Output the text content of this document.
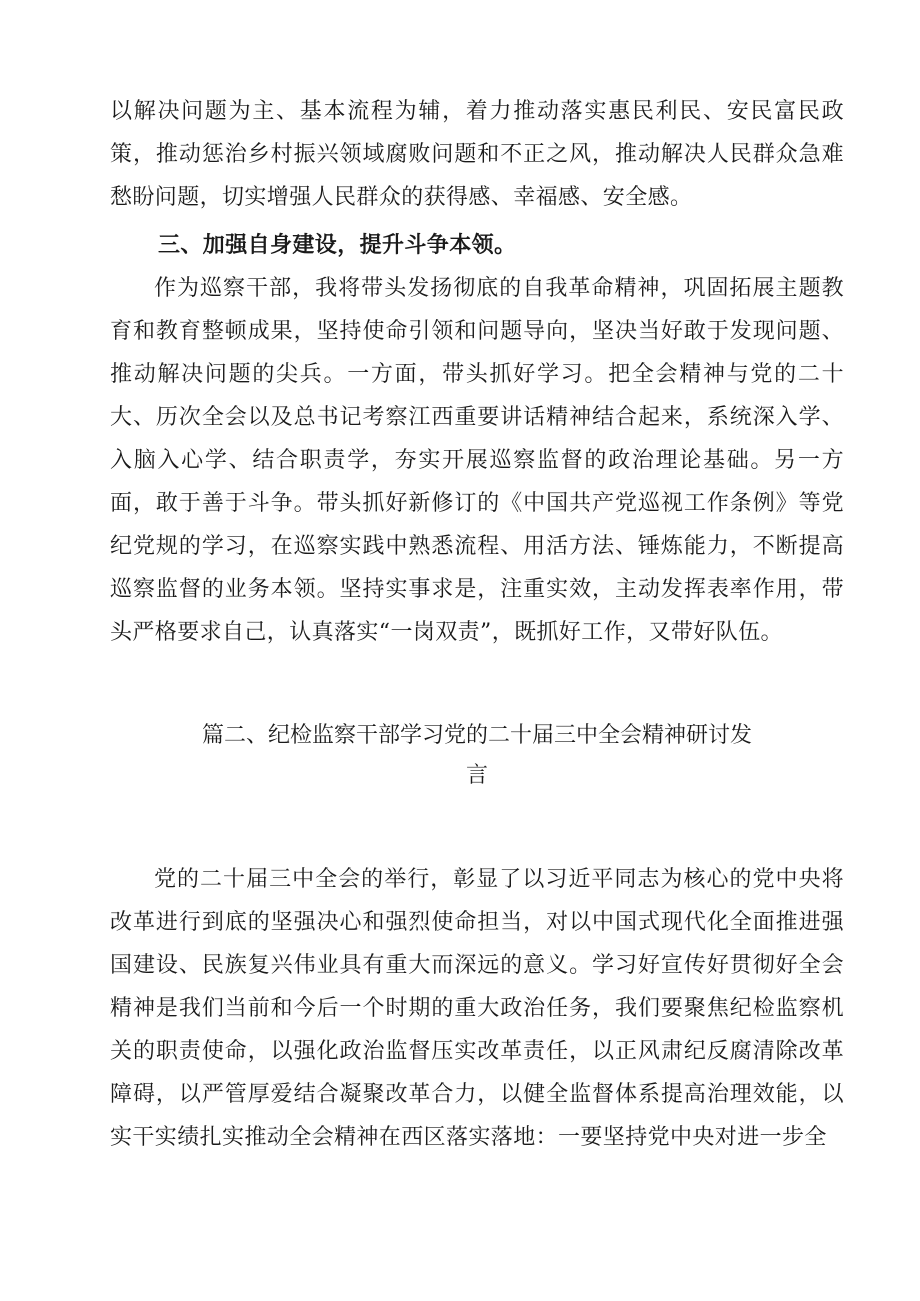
以解决问题为主、基本流程为辅，着力推动落实惠民利民、安民富民政策，推动惩治乡村振兴领域腐败问题和不正之风，推动解决人民群众急难愁盼问题，切实增强人民群众的获得感、幸福感、安全感。

三、加强自身建设，提升斗争本领。

作为巡察干部，我将带头发扬彻底的自我革命精神，巩固拓展主题教育和教育整顿成果，坚持使命引领和问题导向，坚决当好敢于发现问题、推动解决问题的尖兵。一方面，带头抓好学习。把全会精神与党的二十大、历次全会以及总书记考察江西重要讲话精神结合起来，系统深入学、入脑入心学、结合职责学，夯实开展巡察监督的政治理论基础。另一方面，敢于善于斗争。带头抓好新修订的《中国共产党巡视工作条例》等党纪党规的学习，在巡察实践中熟悉流程、用活方法、锤炼能力，不断提高巡察监督的业务本领。坚持实事求是，注重实效，主动发挥表率作用，带头严格要求自己，认真落实“一岗双责”，既抓好工作，又带好队伍。

篇二、纪检监察干部学习党的二十届三中全会精神研讨发
言

党的二十届三中全会的举行，彰显了以习近平同志为核心的党中央将改革进行到底的坚强决心和强烈使命担当，对以中国式现代化全面推进强国建设、民族复兴伟业具有重大而深远的意义。学习好宣传好贯彻好全会精神是我们当前和今后一个时期的重大政治任务，我们要聚焦纪检监察机关的职责使命，以强化政治监督压实改革责任，以正风肃纪反腐清除改革障碍，以严管厚爱结合凝聚改革合力，以健全监督体系提高治理效能，以实干实绩扎实推动全会精神在西区落实落地：一要坚持党中央对进一步全
